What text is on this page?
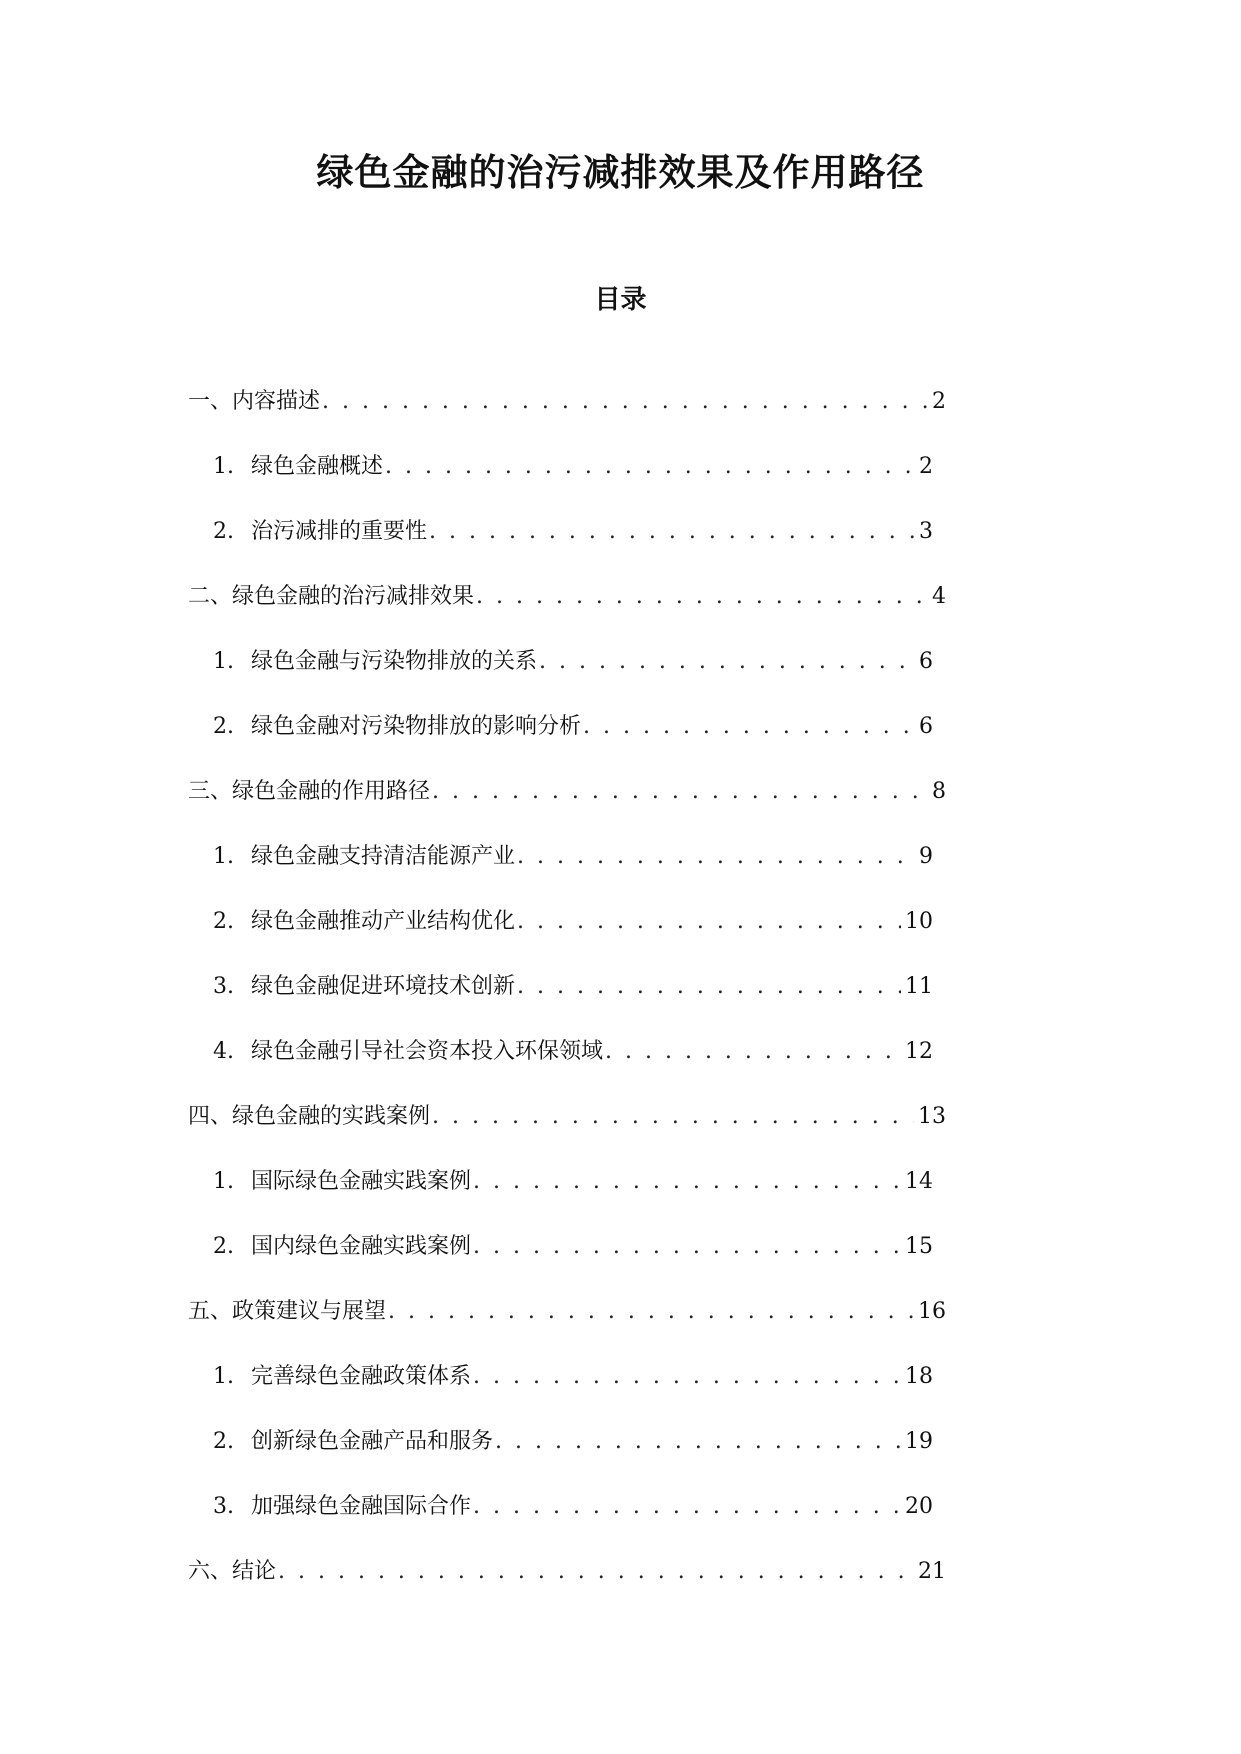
绿色金融的治污减排效果及作用路径
目录
一、内容描述 . . .	2
1. 绿色金融概述 . . .	2
2. 治污减排的重要性 . . .	3
二、绿色金融的治污减排效果 . . .	4
1. 绿色金融与污染物排放的关系 . . .	6
2. 绿色金融对污染物排放的影响分析 . . .	6
三、绿色金融的作用路径 . . .	8
1. 绿色金融支持清洁能源产业 . . .	9
2. 绿色金融推动产业结构优化 . . .	10
3. 绿色金融促进环境技术创新 . . .	11
4. 绿色金融引导社会资本投入环保领域 . . .	12
四、绿色金融的实践案例 . . .	13
1. 国际绿色金融实践案例 . . .	14
2. 国内绿色金融实践案例 . . .	15
五、政策建议与展望 . . .	16
1. 完善绿色金融政策体系 . . .	18
2. 创新绿色金融产品和服务 . . .	19
3. 加强绿色金融国际合作 . . .	20
六、结论 . . .	21
